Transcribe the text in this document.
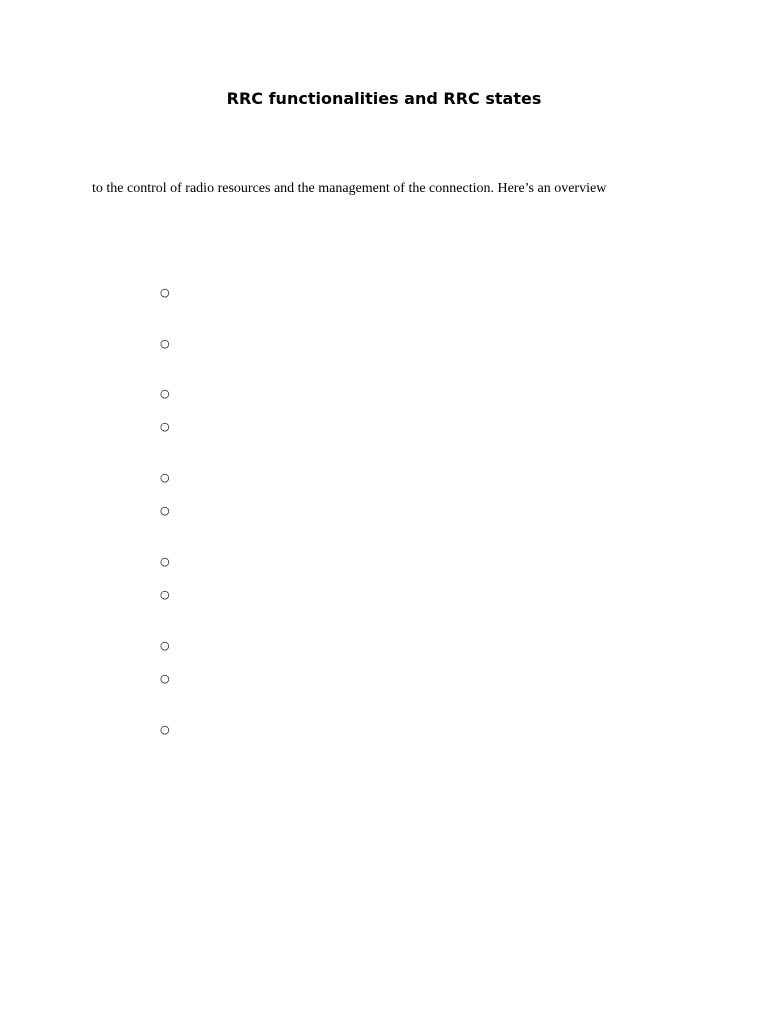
RRC functionalities and RRC states

to the control of radio resources and the management of the connection. Here’s an overview

○
○
○
○
○
○
○
○
○
○
○
